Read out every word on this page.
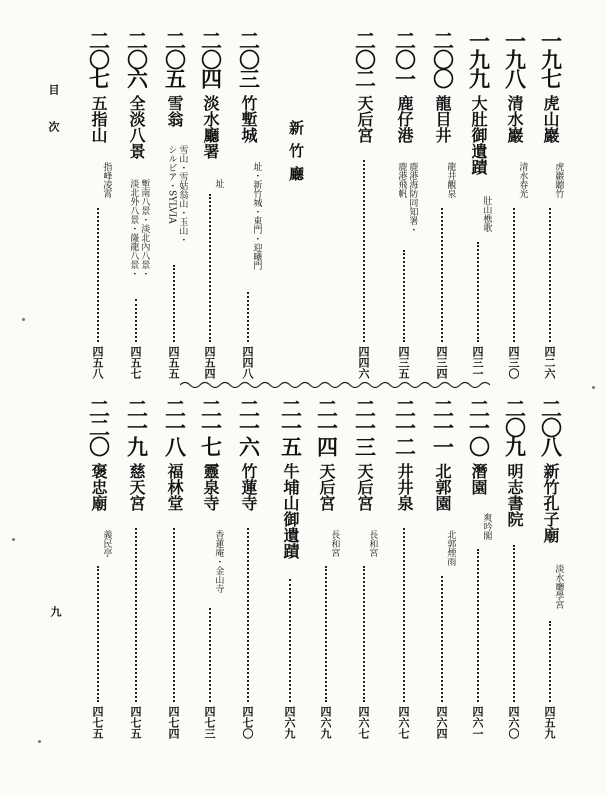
一九七
虎山巖
虎巖聽竹
四二六
一九八
清水巖
清水春光
四三〇
一九九
大肚御遺蹟
肚山樵歌
四三一
二〇〇
龍目井
龍井觀泉
四三四
二〇一
鹿仔港
鹿港海防同知署・
鹿港飛帆
四三五
二〇二
天后宮
四四六
二〇三
竹塹城
址・新竹城・東門・迎曦門
四四八
二〇四
淡水廳署
址
四五四
二〇五
雪翁
雪山・雪姑翁山・玉山・
シルビア・SYLVIA
四五五
二〇六
全淡八景
塹南八景・淡北內八景・
淡北外八景・嶐龍八景・
四五七
二〇七
五指山
指峰凌霄
四五八
二〇八
新竹孔子廟
淡水廳學宮
四五九
二〇九
明志書院
四六〇
二一〇
潛園
爽吟閣
四六一
二一一
北郭園
北郭煙雨
四六四
二一二
井井泉
四六七
二一三
天后宮
長和宮
四六七
二一四
天后宮
長和宮
四六九
二一五
牛埔山御遺蹟
四六九
二一六
竹蓮寺
四七〇
二一七
靈泉寺
香蓮庵・金山寺
四七三
二一八
福林堂
四七四
二一九
慈天宮
四七五
二二〇
褒忠廟
義民亭
四七五
新竹廳
目次
九
